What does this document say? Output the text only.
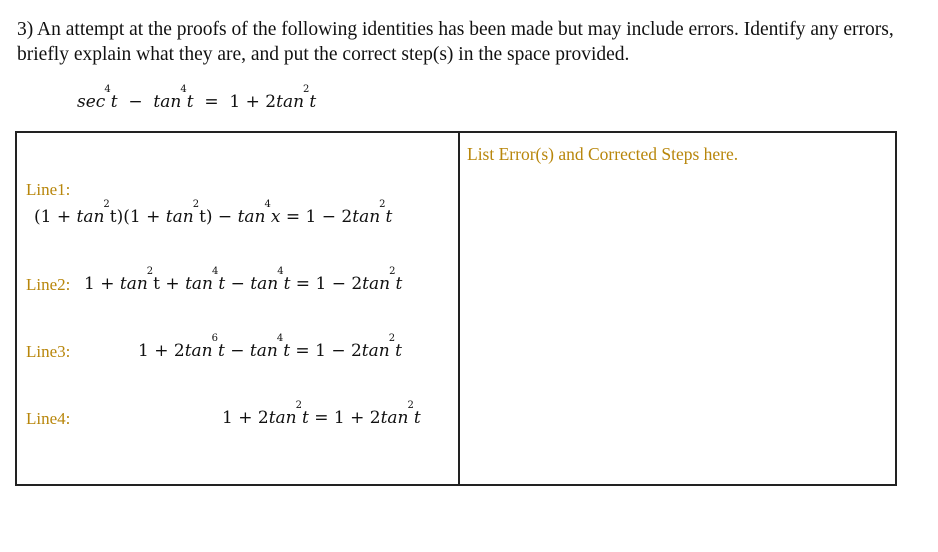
3) An attempt at the proofs of the following identities has been made but may include errors. Identify any errors, briefly explain what they are, and put the correct step(s) in the space provided.
$\sec^4t - \tan^4t = 1 + 2\tan^2t$
List Error(s) and Corrected Steps here.
Line1:
$(1 + \tan^2t)(1 + \tan^2t) - \tan^4x = 1 - 2\tan^2t$
Line2: $1 + \tan^2t + \tan^4t - \tan^4t = 1 - 2\tan^2t$
Line3:	$1 + 2\tan^6t - \tan^4t = 1 - 2\tan^2t$
Line4:	$1 + 2\tan^2t = 1 + 2\tan^2t$
